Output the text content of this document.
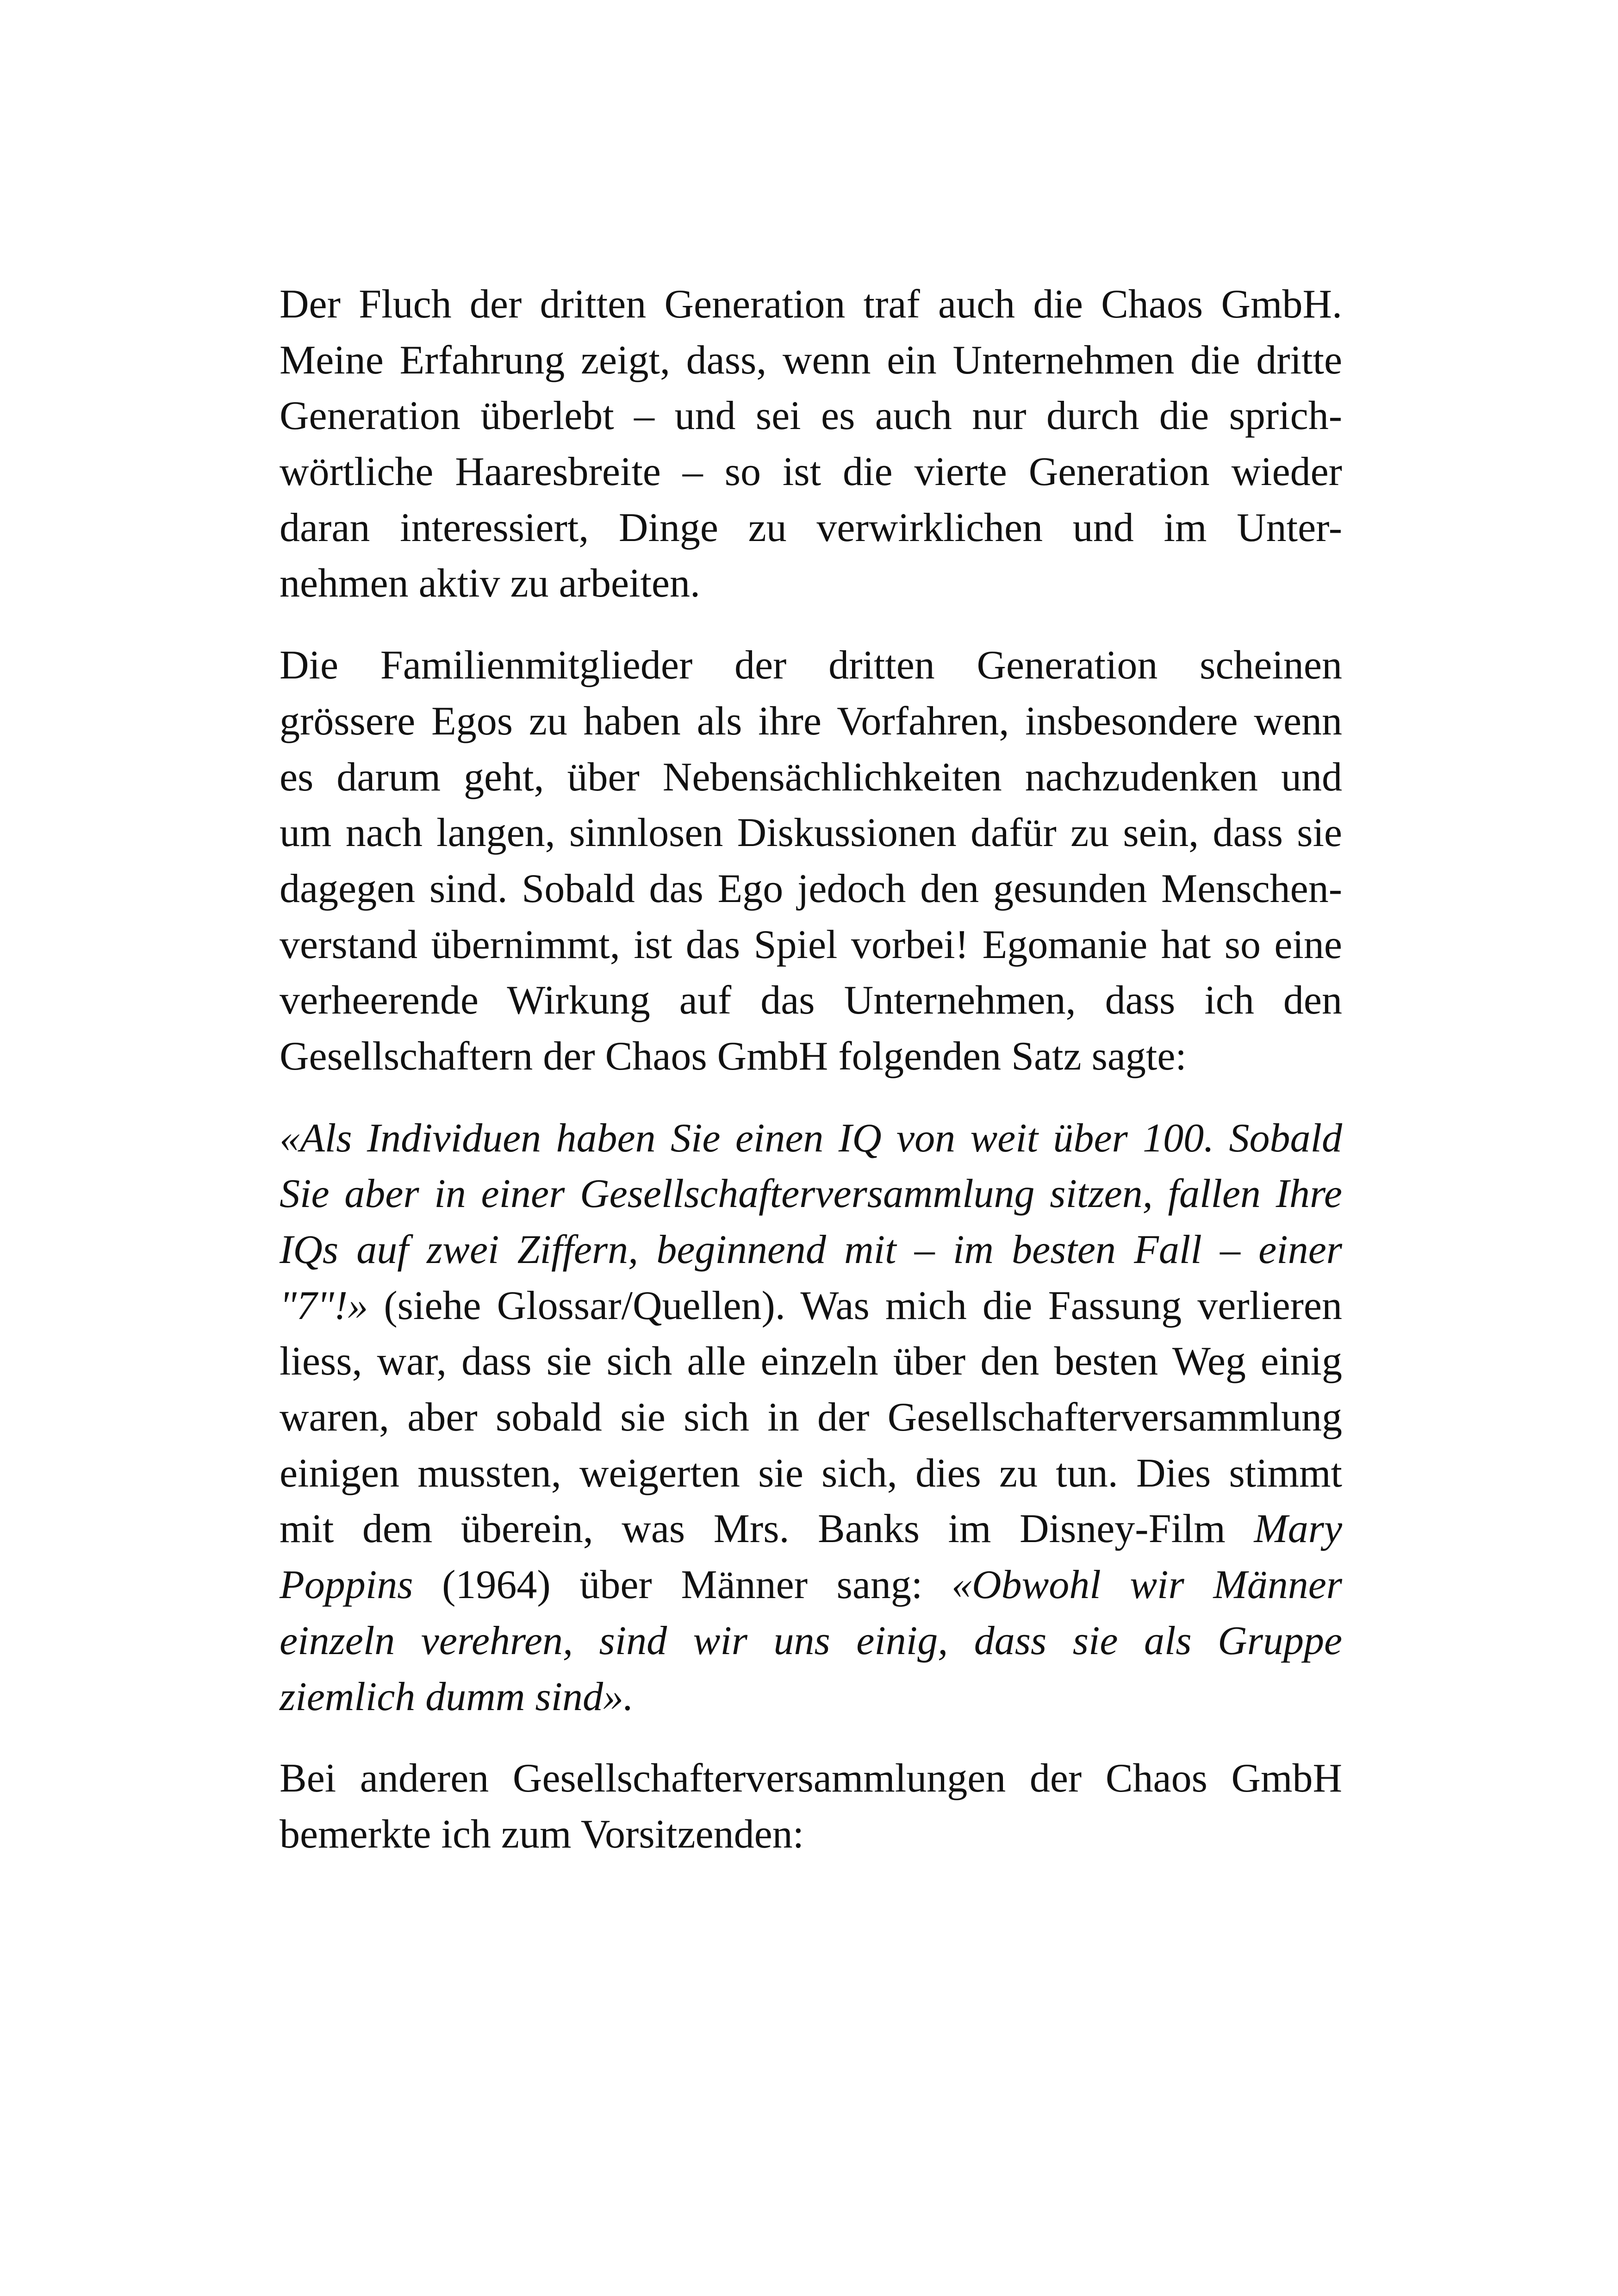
Der Fluch der dritten Generation traf auch die Chaos GmbH.
Meine Erfahrung zeigt, dass, wenn ein Unternehmen die dritte
Generation überlebt – und sei es auch nur durch die sprich-
wörtliche Haaresbreite – so ist die vierte Generation wieder
daran interessiert, Dinge zu verwirklichen und im Unter-
nehmen aktiv zu arbeiten.
Die Familienmitglieder der dritten Generation scheinen
grössere Egos zu haben als ihre Vorfahren, insbesondere wenn
es darum geht, über Nebensächlichkeiten nachzudenken und
um nach langen, sinnlosen Diskussionen dafür zu sein, dass sie
dagegen sind. Sobald das Ego jedoch den gesunden Menschen-
verstand übernimmt, ist das Spiel vorbei! Egomanie hat so eine
verheerende Wirkung auf das Unternehmen, dass ich den
Gesellschaftern der Chaos GmbH folgenden Satz sagte:
«Als Individuen haben Sie einen IQ von weit über 100. Sobald
Sie aber in einer Gesellschafterversammlung sitzen, fallen Ihre
IQs auf zwei Ziffern, beginnend mit – im besten Fall – einer
"7"!» (siehe Glossar/Quellen). Was mich die Fassung verlieren
liess, war, dass sie sich alle einzeln über den besten Weg einig
waren, aber sobald sie sich in der Gesellschafterversammlung
einigen mussten, weigerten sie sich, dies zu tun. Dies stimmt
mit dem überein, was Mrs. Banks im Disney-Film Mary
Poppins (1964) über Männer sang: «Obwohl wir Männer
einzeln verehren, sind wir uns einig, dass sie als Gruppe
ziemlich dumm sind».
Bei anderen Gesellschafterversammlungen der Chaos GmbH
bemerkte ich zum Vorsitzenden:
